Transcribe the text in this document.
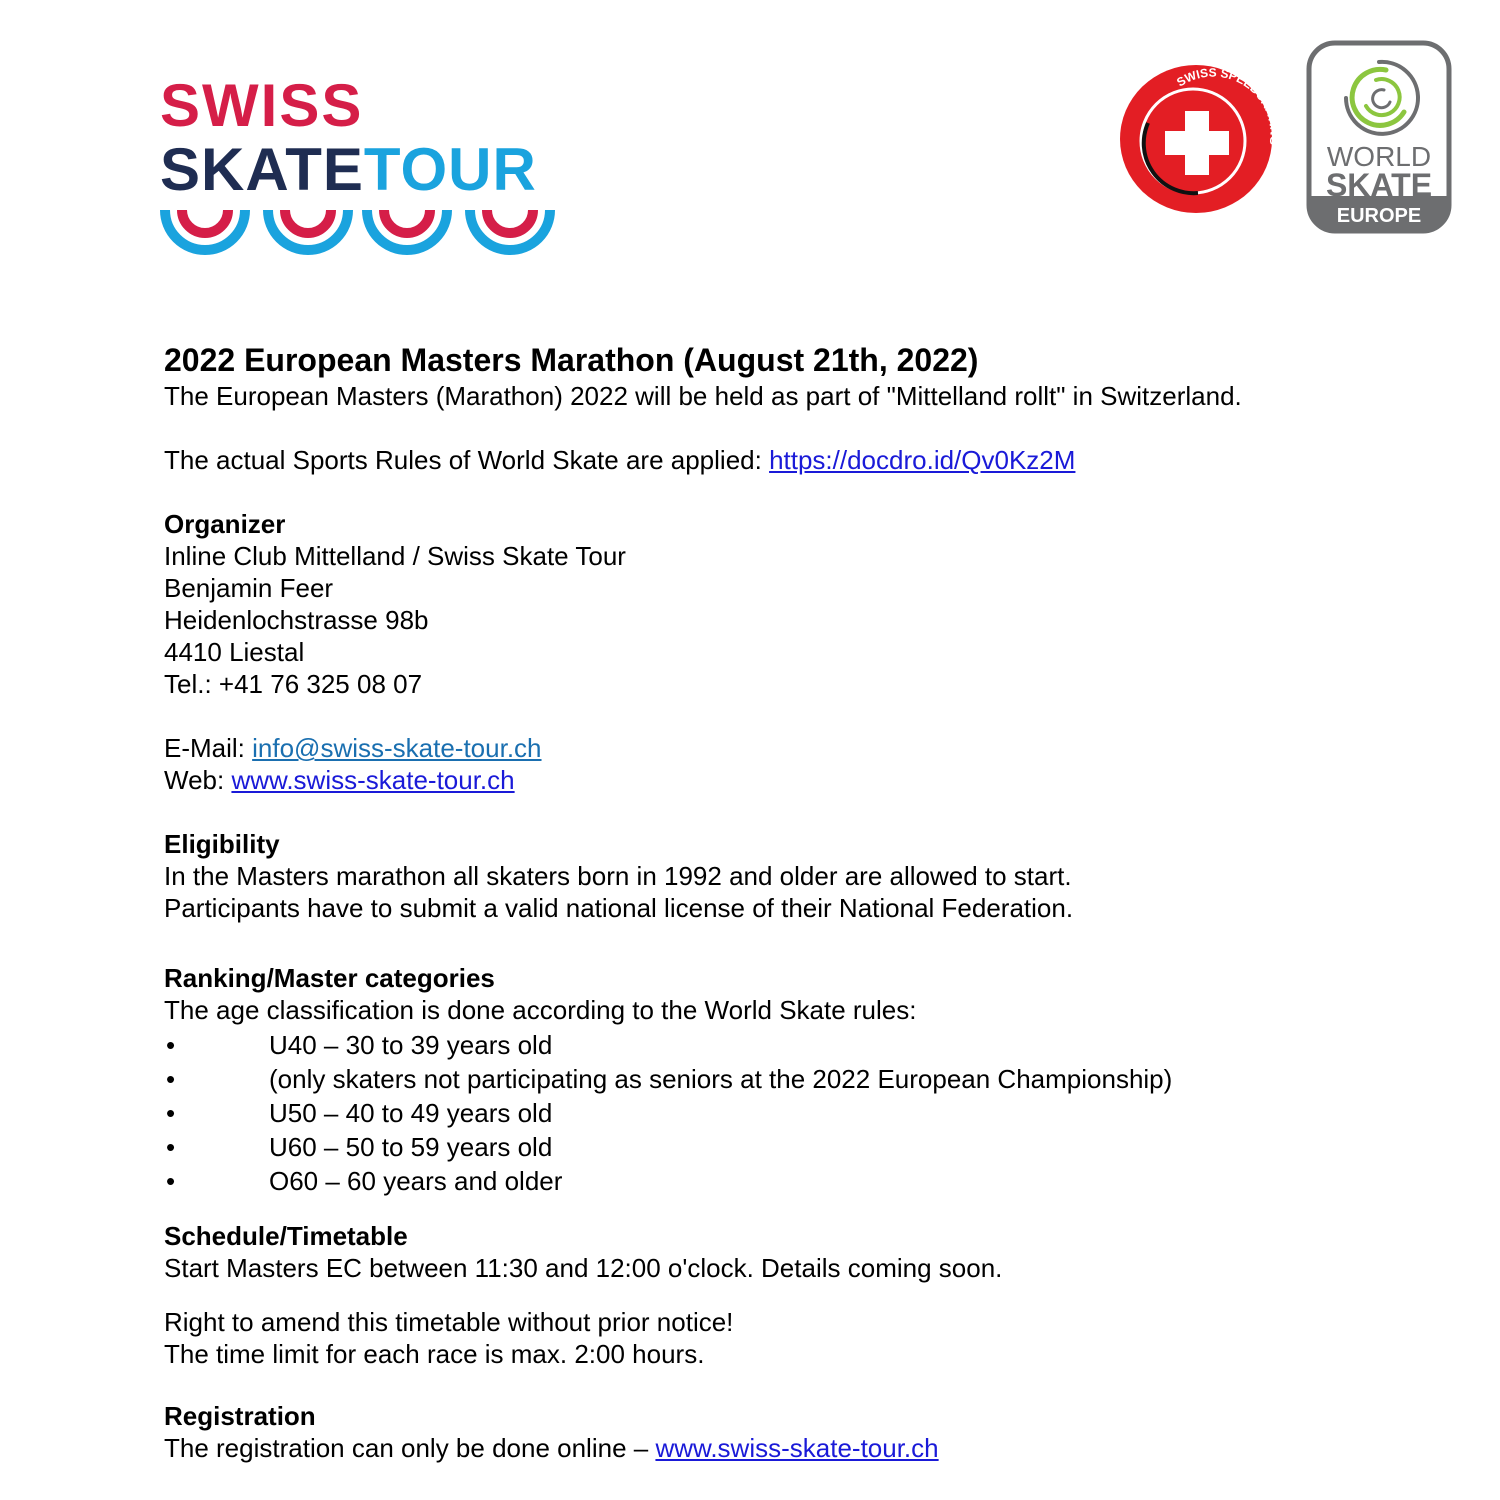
SWISS
SKATETOUR
SWISS SPEEDSK
WORLD
SKATE
EUROPE

2022 European Masters Marathon (August 21th, 2022)

The European Masters (Marathon) 2022 will be held as part of "Mittelland rollt" in Switzerland.

The actual Sports Rules of World Skate are applied: https://docdro.id/Qv0Kz2M

Organizer

Inline Club Mittelland / Swiss Skate Tour

Benjamin Feer

Heidenlochstrasse 98b

4410 Liestal

Tel.: +41 76 325 08 07

E-Mail: info@swiss-skate-tour.ch

Web: www.swiss-skate-tour.ch

Eligibility

In the Masters marathon all skaters born in 1992 and older are allowed to start.

Participants have to submit a valid national license of their National Federation.

Ranking/Master categories

The age classification is done according to the World Skate rules:

• U40 – 30 to 39 years old
• (only skaters not participating as seniors at the 2022 European Championship)
• U50 – 40 to 49 years old
• U60 – 50 to 59 years old
• O60 – 60 years and older

Schedule/Timetable

Start Masters EC between 11:30 and 12:00 o'clock. Details coming soon.

Right to amend this timetable without prior notice!

The time limit for each race is max. 2:00 hours.

Registration

The registration can only be done online – www.swiss-skate-tour.ch
